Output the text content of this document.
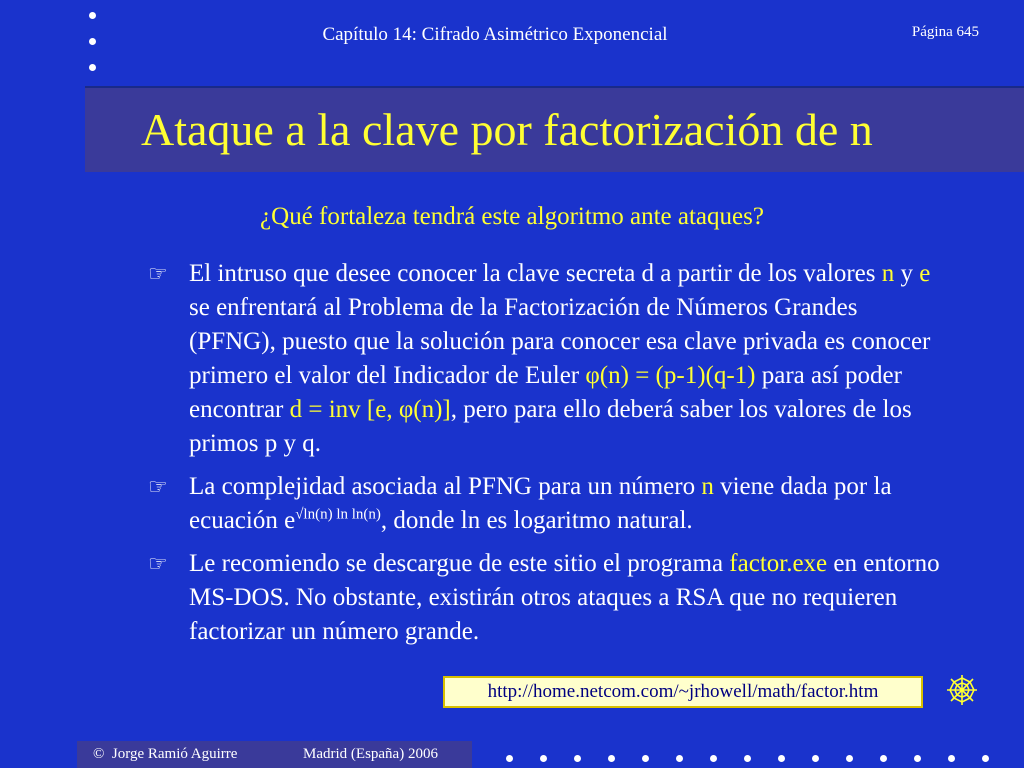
Capítulo 14: Cifrado Asimétrico Exponencial	Página 645
Ataque a la clave por factorización de n
¿Qué fortaleza tendrá este algoritmo ante ataques?
☞ El intruso que desee conocer la clave secreta d a partir de los valores n y e se enfrentará al Problema de la Factorización de Números Grandes (PFNG), puesto que la solución para conocer esa clave privada es conocer primero el valor del Indicador de Euler φ(n) = (p-1)(q-1) para así poder encontrar d = inv [e, φ(n)], pero para ello deberá saber los valores de los primos p y q.
☞ La complejidad asociada al PFNG para un número n viene dada por la ecuación $e^{√ln(n) ln ln(n)}$, donde ln es logaritmo natural.
☞ Le recomiendo se descargue de este sitio el programa factor.exe en entorno MS-DOS. No obstante, existirán otros ataques a RSA que no requieren factorizar un número grande.
http://home.netcom.com/~jrhowell/math/factor.htm
© Jorge Ramió Aguirre	Madrid (España) 2006
